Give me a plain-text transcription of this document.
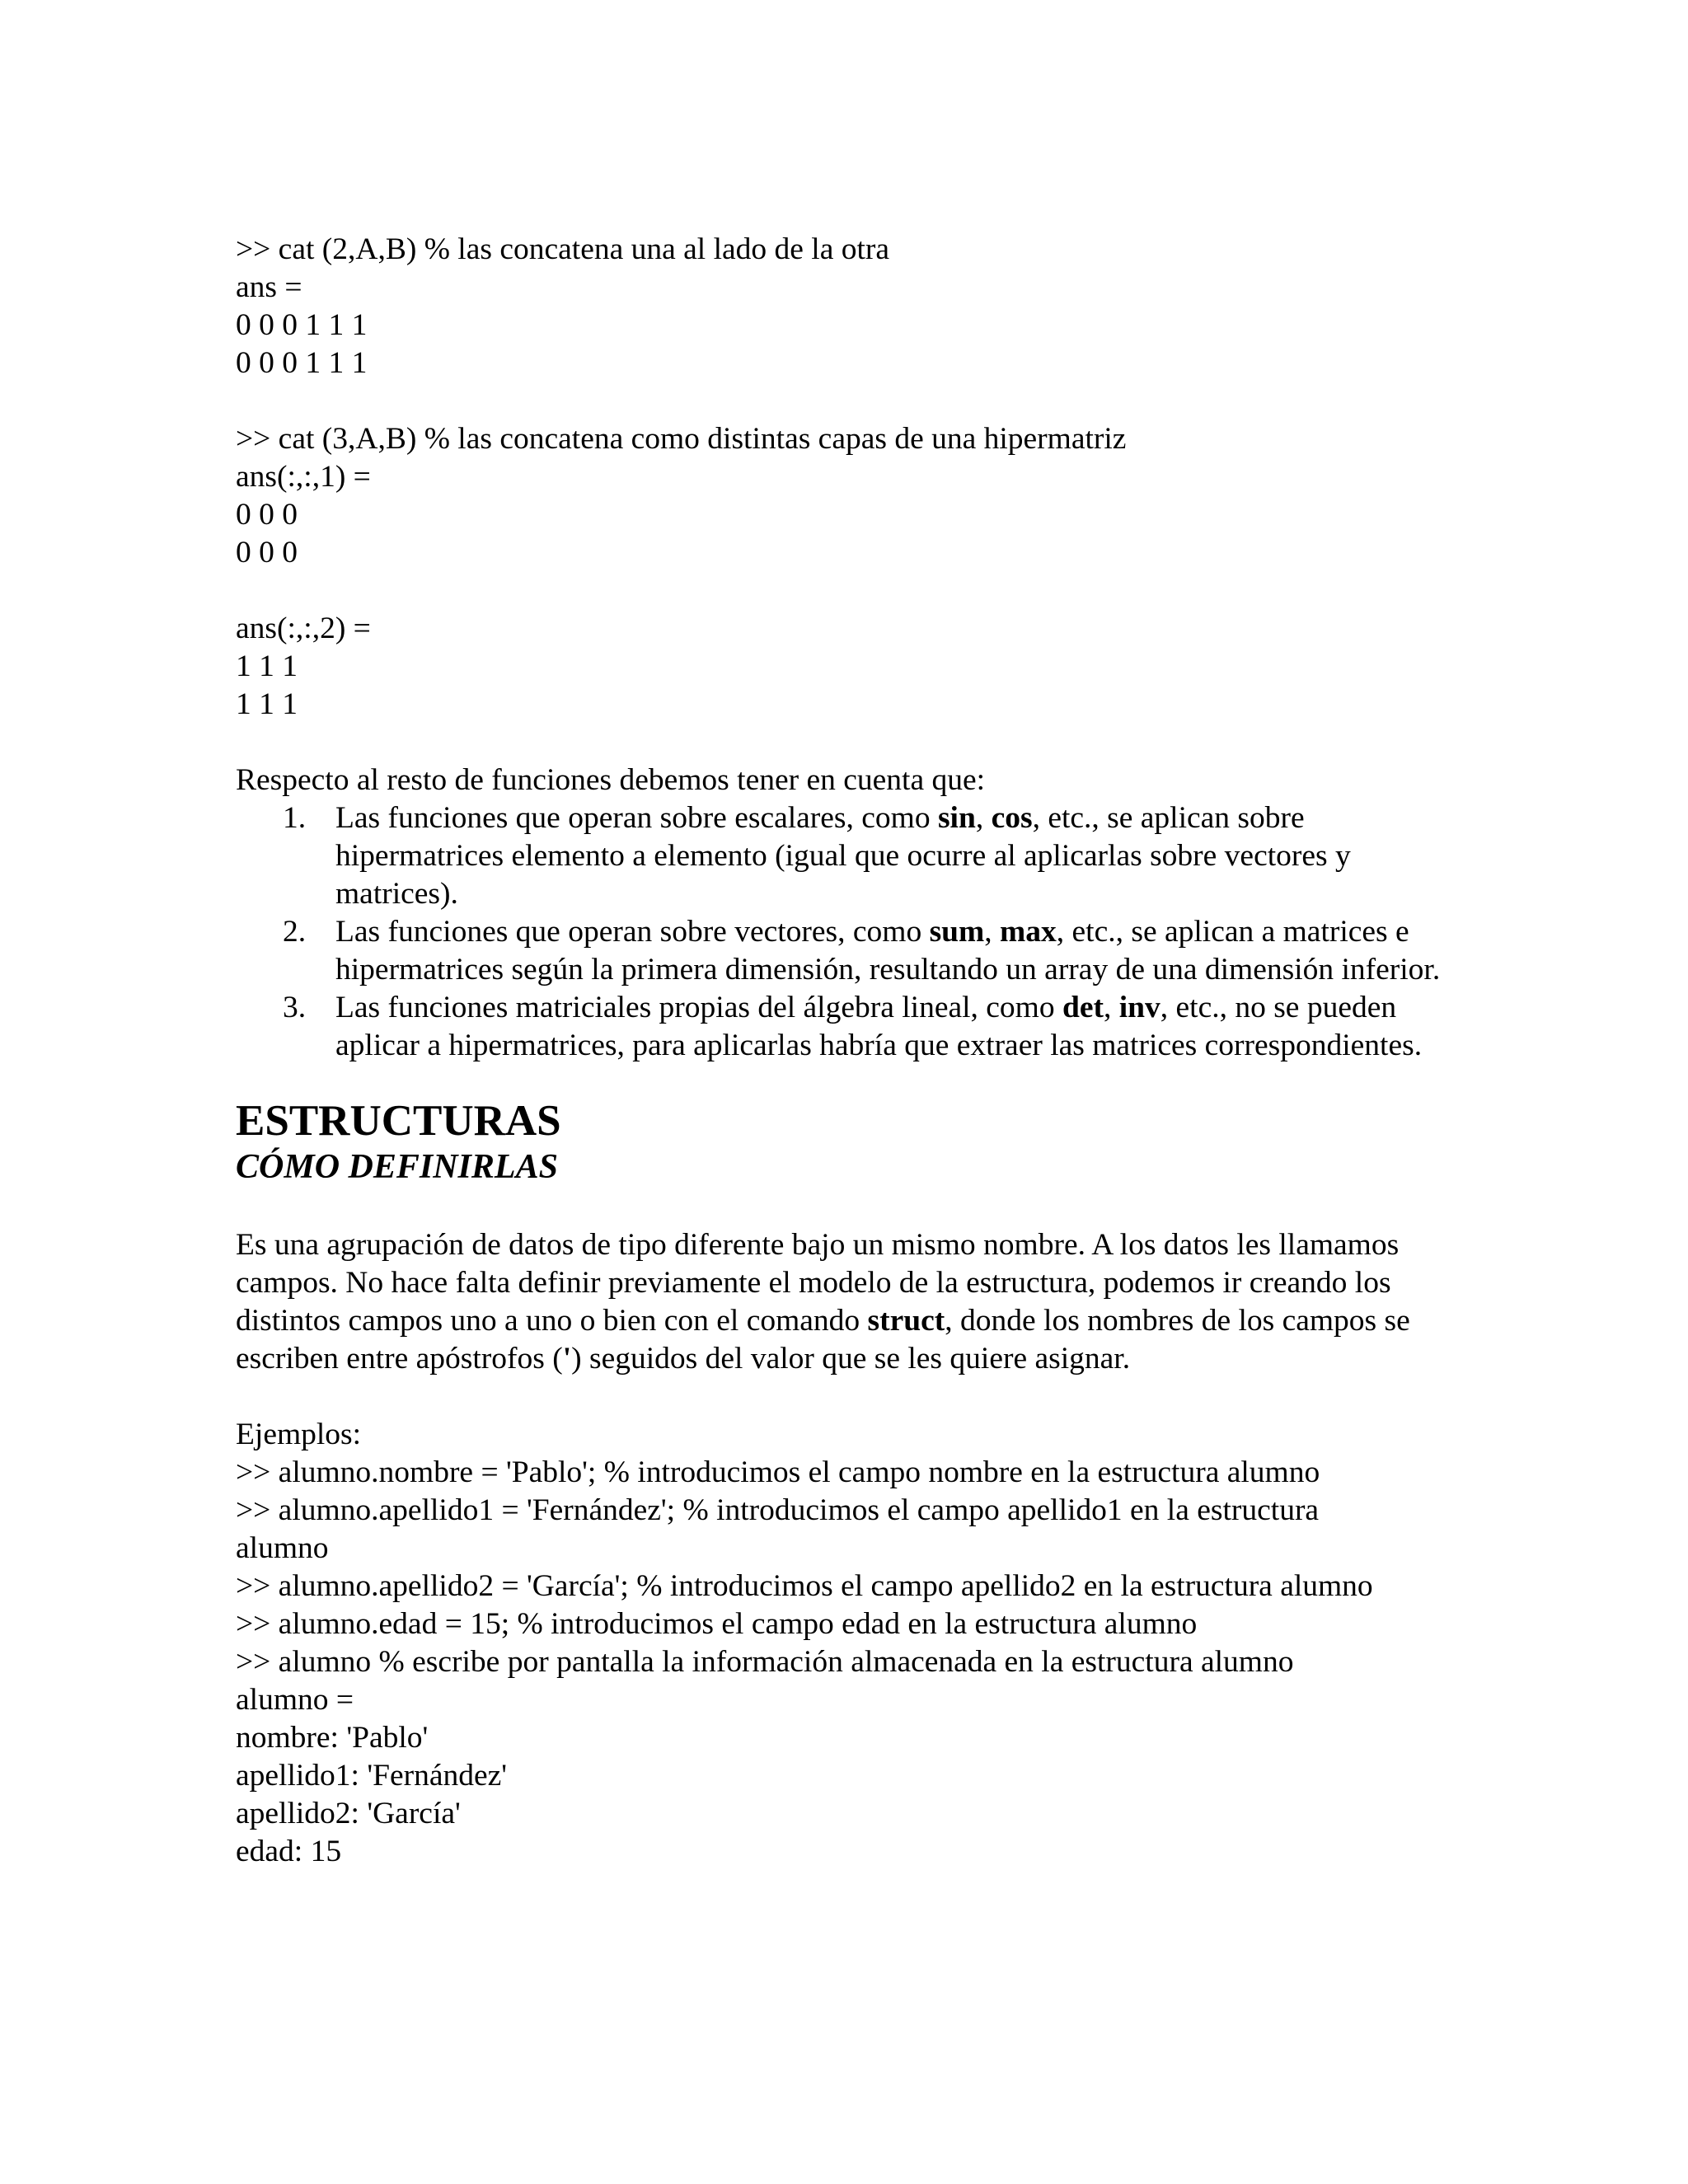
>> cat (2,A,B) % las concatena una al lado de la otra
ans =
0 0 0 1 1 1
0 0 0 1 1 1
>> cat (3,A,B) % las concatena como distintas capas de una hipermatriz
ans(:,:,1) =
0 0 0
0 0 0
ans(:,:,2) =
1 1 1
1 1 1
Respecto al resto de funciones debemos tener en cuenta que:
1. Las funciones que operan sobre escalares, como sin, cos, etc., se aplican sobre hipermatrices elemento a elemento (igual que ocurre al aplicarlas sobre vectores y matrices).
2. Las funciones que operan sobre vectores, como sum, max, etc., se aplican a matrices e hipermatrices según la primera dimensión, resultando un array de una dimensión inferior.
3. Las funciones matriciales propias del álgebra lineal, como det, inv, etc., no se pueden aplicar a hipermatrices, para aplicarlas habría que extraer las matrices correspondientes.
ESTRUCTURAS
CÓMO DEFINIRLAS
Es una agrupación de datos de tipo diferente bajo un mismo nombre. A los datos les llamamos campos. No hace falta definir previamente el modelo de la estructura, podemos ir creando los distintos campos uno a uno o bien con el comando struct, donde los nombres de los campos se escriben entre apóstrofos (') seguidos del valor que se les quiere asignar.
Ejemplos:
>> alumno.nombre = 'Pablo'; % introducimos el campo nombre en la estructura alumno
>> alumno.apellido1 = 'Fernández'; % introducimos el campo apellido1 en la estructura
alumno
>> alumno.apellido2 = 'García'; % introducimos el campo apellido2 en la estructura alumno
>> alumno.edad = 15; % introducimos el campo edad en la estructura alumno
>> alumno % escribe por pantalla la información almacenada en la estructura alumno
alumno =
nombre: 'Pablo'
apellido1: 'Fernández'
apellido2: 'García'
edad: 15
